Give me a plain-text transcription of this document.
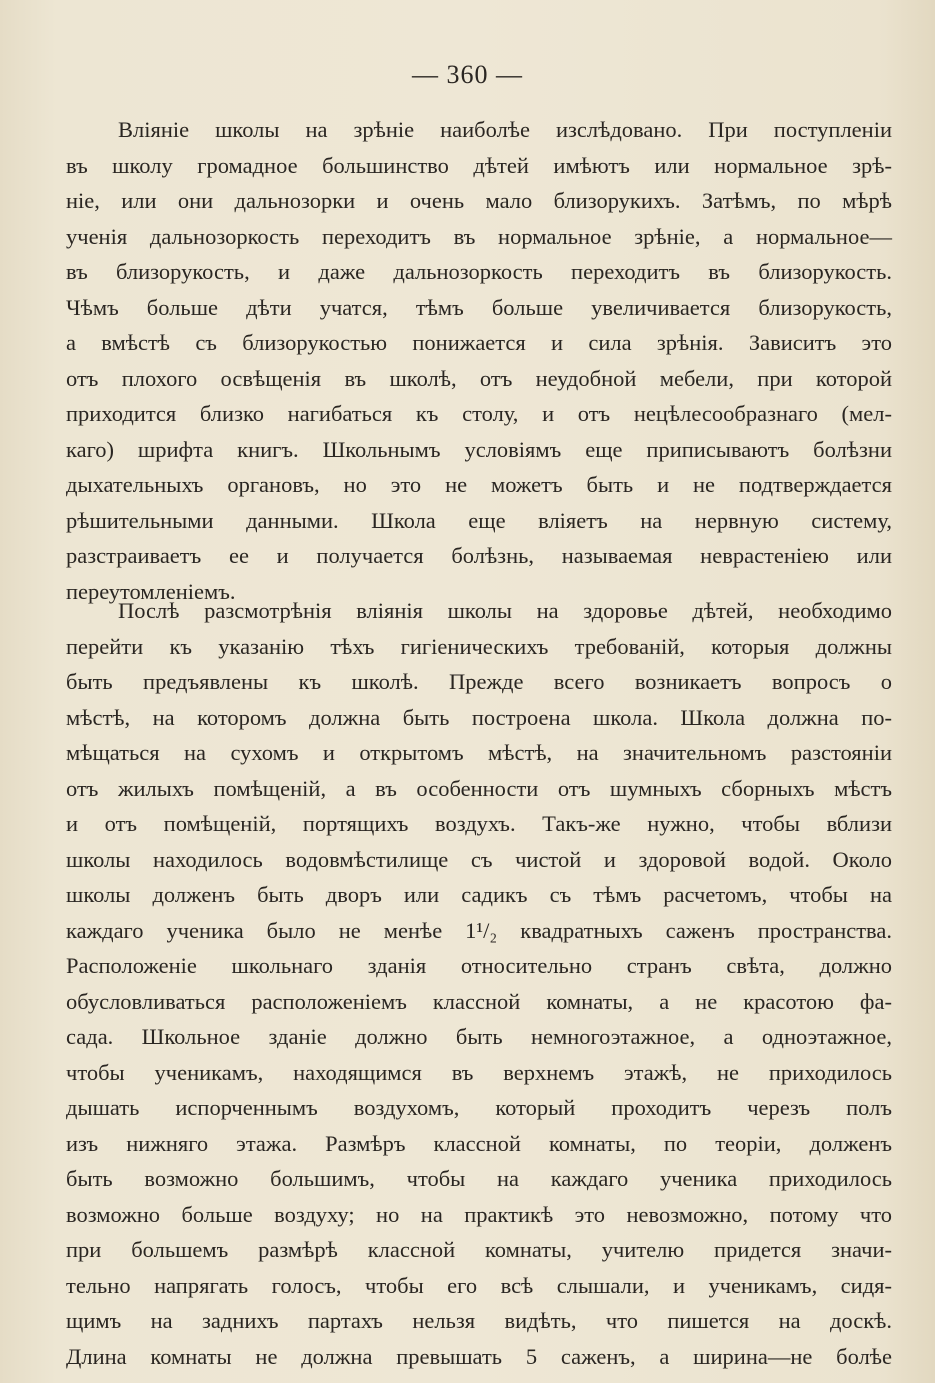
— 360 —
Вліяніе школы на зрѣніе наиболѣе изслѣдовано. При поступленіи
въ школу громадное большинство дѣтей имѣютъ или нормальное зрѣ-
ніе, или они дальнозорки и очень мало близорукихъ. Затѣмъ, по мѣрѣ
ученія дальнозоркость переходитъ въ нормальное зрѣніе, а нормальное—
въ близорукость, и даже дальнозоркость переходитъ въ близорукость.
Чѣмъ больше дѣти учатся, тѣмъ больше увеличивается близорукость,
а вмѣстѣ съ близорукостью понижается и сила зрѣнія. Зависитъ это
отъ плохого освѣщенія въ школѣ, отъ неудобной мебели, при которой
приходится близко нагибаться къ столу, и отъ нецѣлесообразнаго (мел-
каго) шрифта книгъ. Школьнымъ условіямъ еще приписываютъ болѣзни
дыхательныхъ органовъ, но это не можетъ быть и не подтверждается
рѣшительными данными. Школа еще вліяетъ на нервную систему,
разстраиваетъ ее и получается болѣзнь, называемая неврастеніею или
переутомленіемъ.
Послѣ разсмотрѣнія вліянія школы на здоровье дѣтей, необходимо
перейти къ указанію тѣхъ гигіеническихъ требованій, которыя должны
быть предъявлены къ школѣ. Прежде всего возникаетъ вопросъ о
мѣстѣ, на которомъ должна быть построена школа. Школа должна по-
мѣщаться на сухомъ и открытомъ мѣстѣ, на значительномъ разстояніи
отъ жилыхъ помѣщеній, а въ особенности отъ шумныхъ сборныхъ мѣстъ
и отъ помѣщеній, портящихъ воздухъ. Такъ-же нужно, чтобы вблизи
школы находилось водовмѣстилище съ чистой и здоровой водой. Около
школы долженъ быть дворъ или садикъ съ тѣмъ расчетомъ, чтобы на
каждаго ученика было не менѣе 1¹/₂ квадратныхъ саженъ пространства.
Расположеніе школьнаго зданія относительно странъ свѣта, должно
обусловливаться расположеніемъ классной комнаты, а не красотою фа-
сада. Школьное зданіе должно быть немногоэтажное, а одноэтажное,
чтобы ученикамъ, находящимся въ верхнемъ этажѣ, не приходилось
дышать испорченнымъ воздухомъ, который проходитъ черезъ полъ
изъ нижняго этажа. Размѣръ классной комнаты, по теоріи, долженъ
быть возможно большимъ, чтобы на каждаго ученика приходилось
возможно больше воздуху; но на практикѣ это невозможно, потому что
при большемъ размѣрѣ классной комнаты, учителю придется значи-
тельно напрягать голосъ, чтобы его всѣ слышали, и ученикамъ, сидя-
щимъ на заднихъ партахъ нельзя видѣть, что пишется на доскѣ.
Длина комнаты не должна превышать 5 саженъ, а ширина—не болѣе
